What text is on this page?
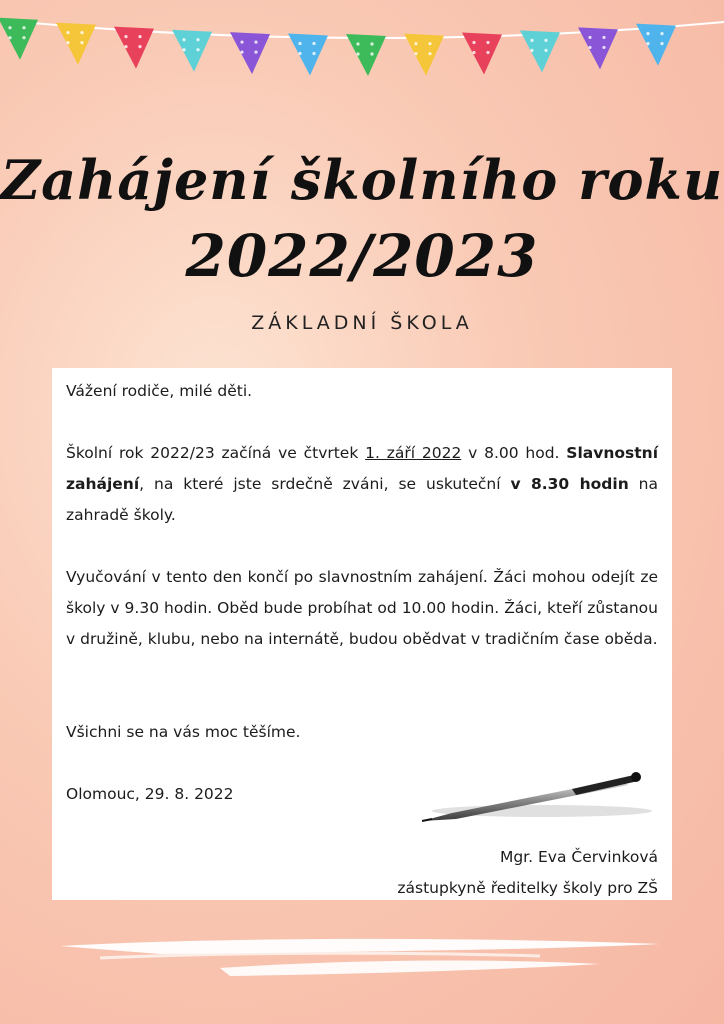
Zahájení školního roku
2022/2023
ZÁKLADNÍ ŠKOLA

Vážení rodiče, milé děti.

Školní rok 2022/23 začíná ve čtvrtek 1. září 2022 v 8.00 hod. Slavnostní zahájení, na které jste srdečně zváni, se uskuteční v 8.30 hodin na zahradě školy.

Vyučování v tento den končí po slavnostním zahájení. Žáci mohou odejít ze školy v 9.30 hodin. Oběd bude probíhat od 10.00 hodin. Žáci, kteří zůstanou v družině, klubu, nebo na internátě, budou obědvat v tradičním čase oběda.

Všichni se na vás moc těšíme.

Olomouc, 29. 8. 2022

Mgr. Eva Červinková
zástupkyně ředitelky školy pro ZŠ
